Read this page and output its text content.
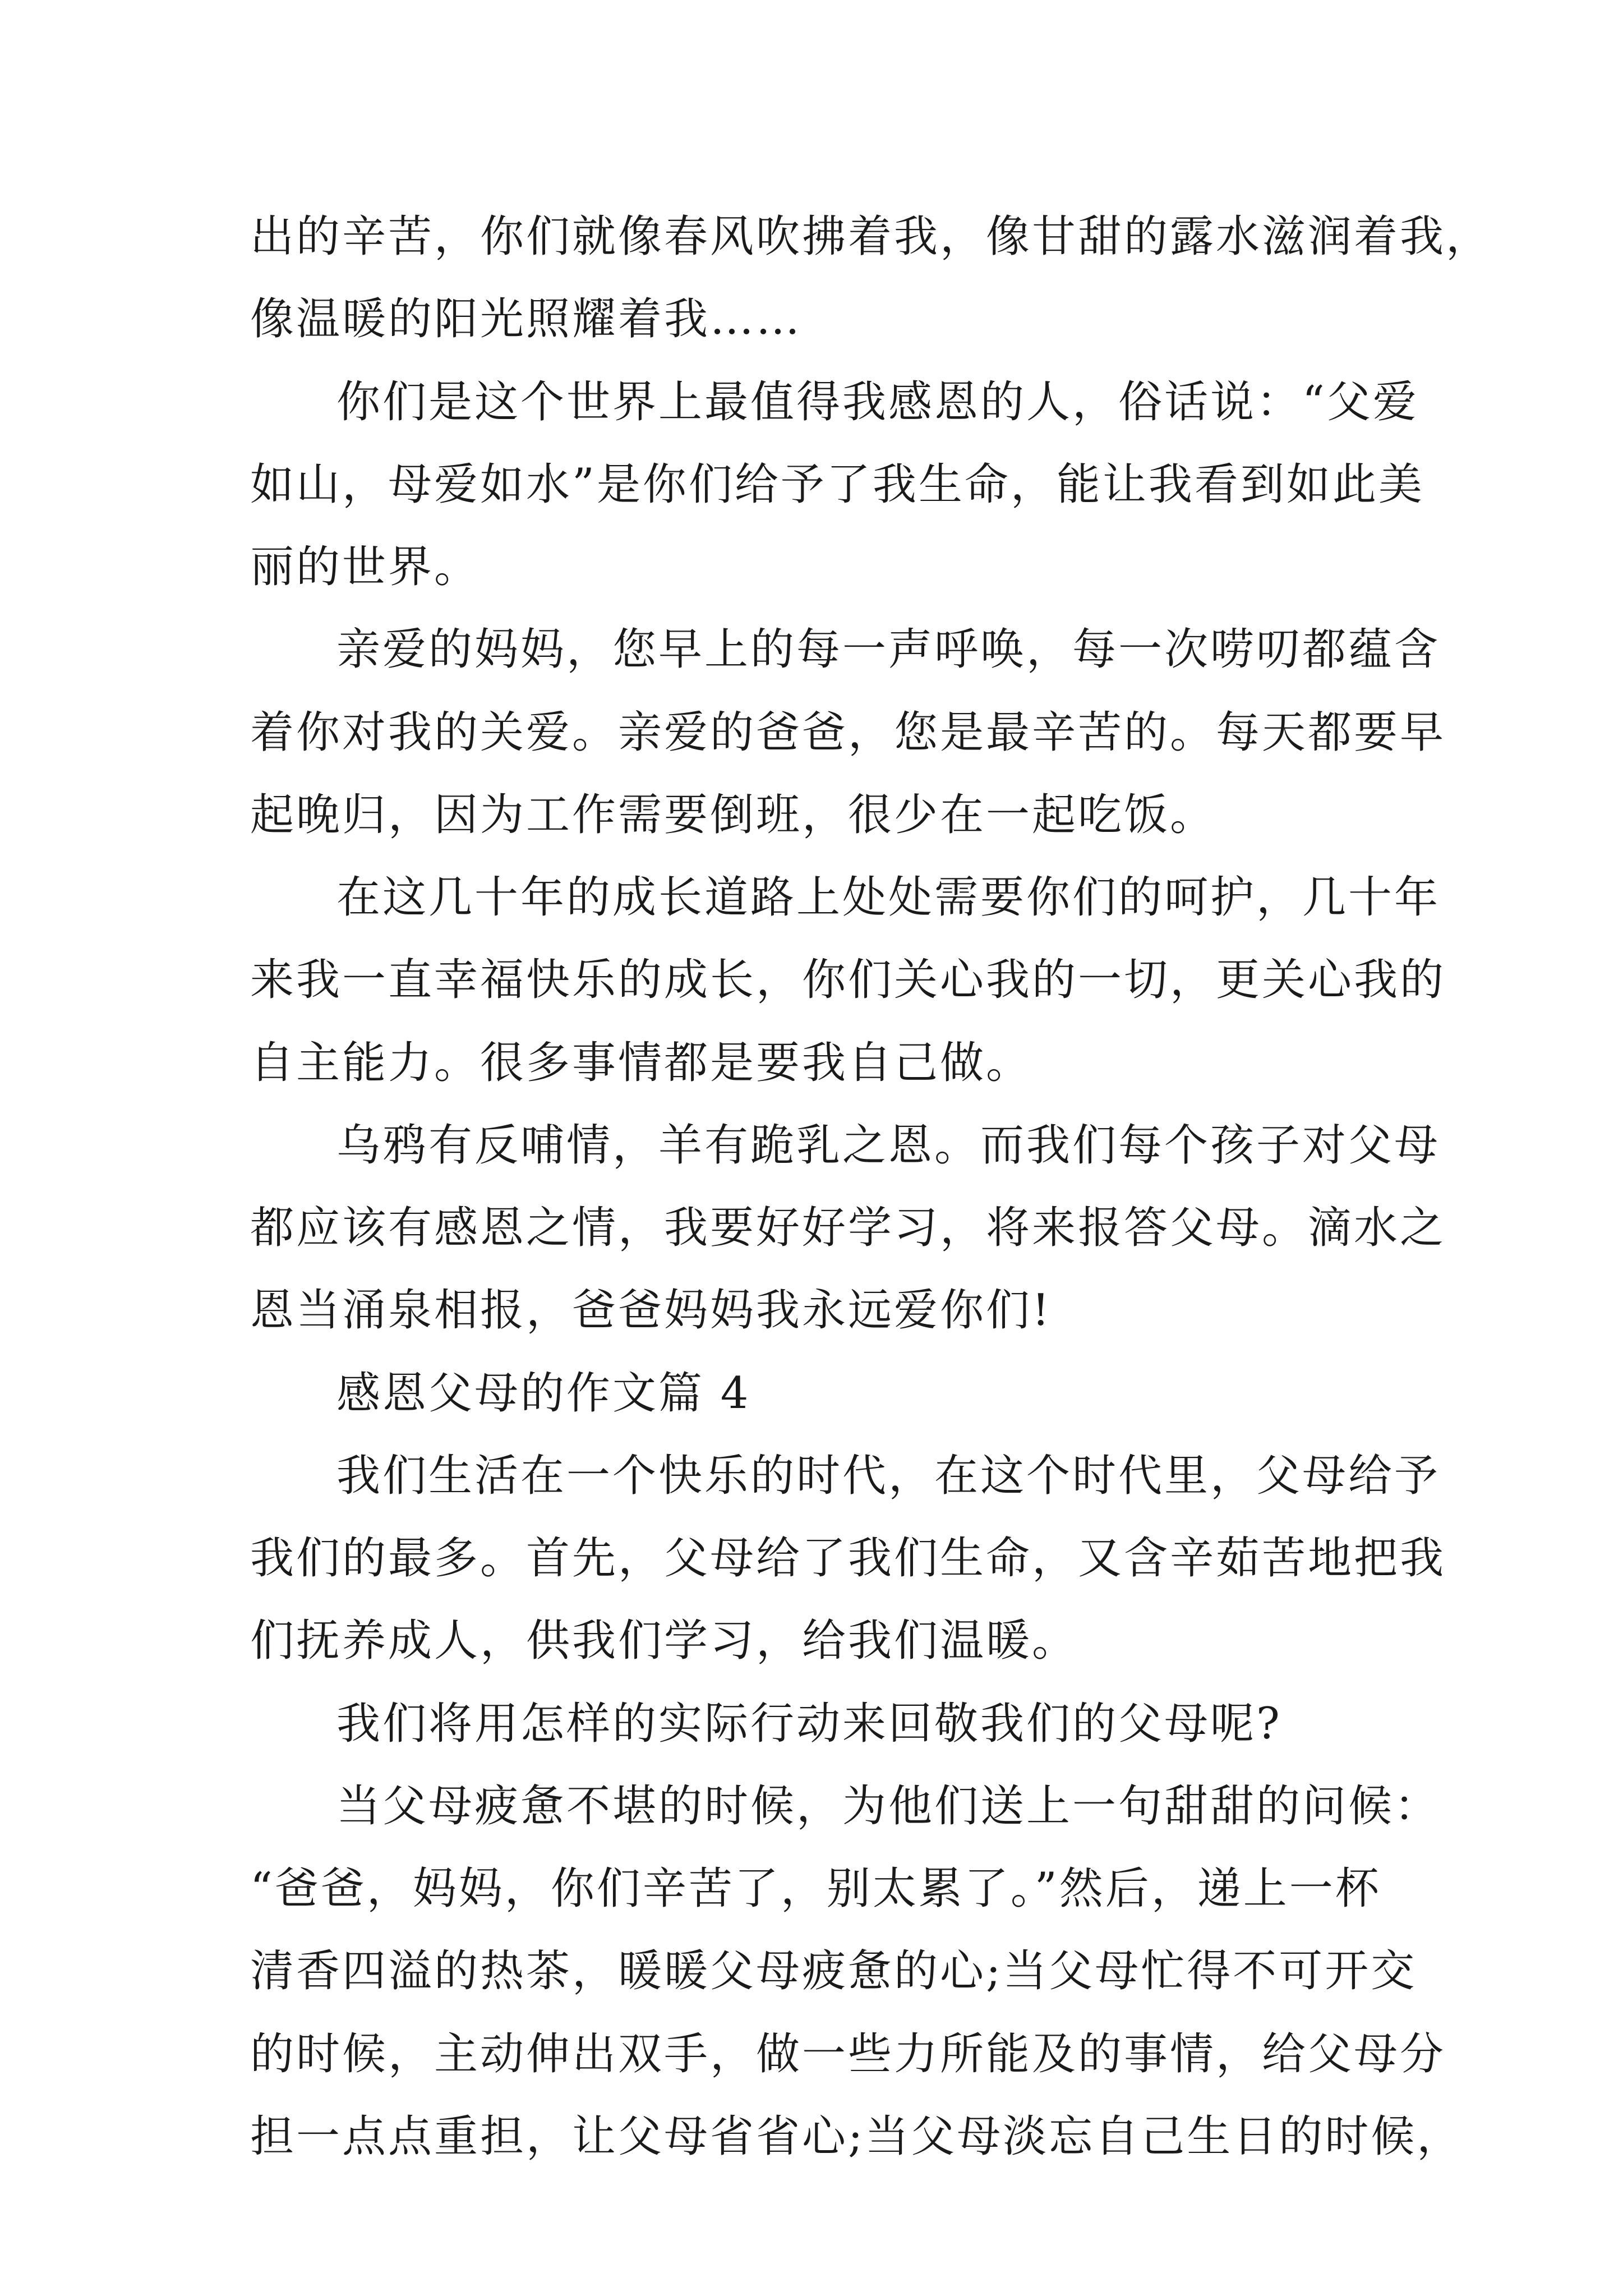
出的辛苦，你们就像春风吹拂着我，像甘甜的露水滋润着我，
像温暖的阳光照耀着我……
你们是这个世界上最值得我感恩的人，俗话说：“父爱
如山，母爱如水”是你们给予了我生命，能让我看到如此美
丽的世界。
亲爱的妈妈，您早上的每一声呼唤，每一次唠叨都蕴含
着你对我的关爱。亲爱的爸爸，您是最辛苦的。每天都要早
起晚归，因为工作需要倒班，很少在一起吃饭。
在这几十年的成长道路上处处需要你们的呵护，几十年
来我一直幸福快乐的成长，你们关心我的一切，更关心我的
自主能力。很多事情都是要我自己做。
乌鸦有反哺情，羊有跪乳之恩。而我们每个孩子对父母
都应该有感恩之情，我要好好学习，将来报答父母。滴水之
恩当涌泉相报，爸爸妈妈我永远爱你们!
感恩父母的作文篇 4
我们生活在一个快乐的时代，在这个时代里，父母给予
我们的最多。首先，父母给了我们生命，又含辛茹苦地把我
们抚养成人，供我们学习，给我们温暖。
我们将用怎样的实际行动来回敬我们的父母呢?
当父母疲惫不堪的时候，为他们送上一句甜甜的问候：
“爸爸，妈妈，你们辛苦了，别太累了。”然后，递上一杯
清香四溢的热茶，暖暖父母疲惫的心;当父母忙得不可开交
的时候，主动伸出双手，做一些力所能及的事情，给父母分
担一点点重担，让父母省省心;当父母淡忘自己生日的时候，
